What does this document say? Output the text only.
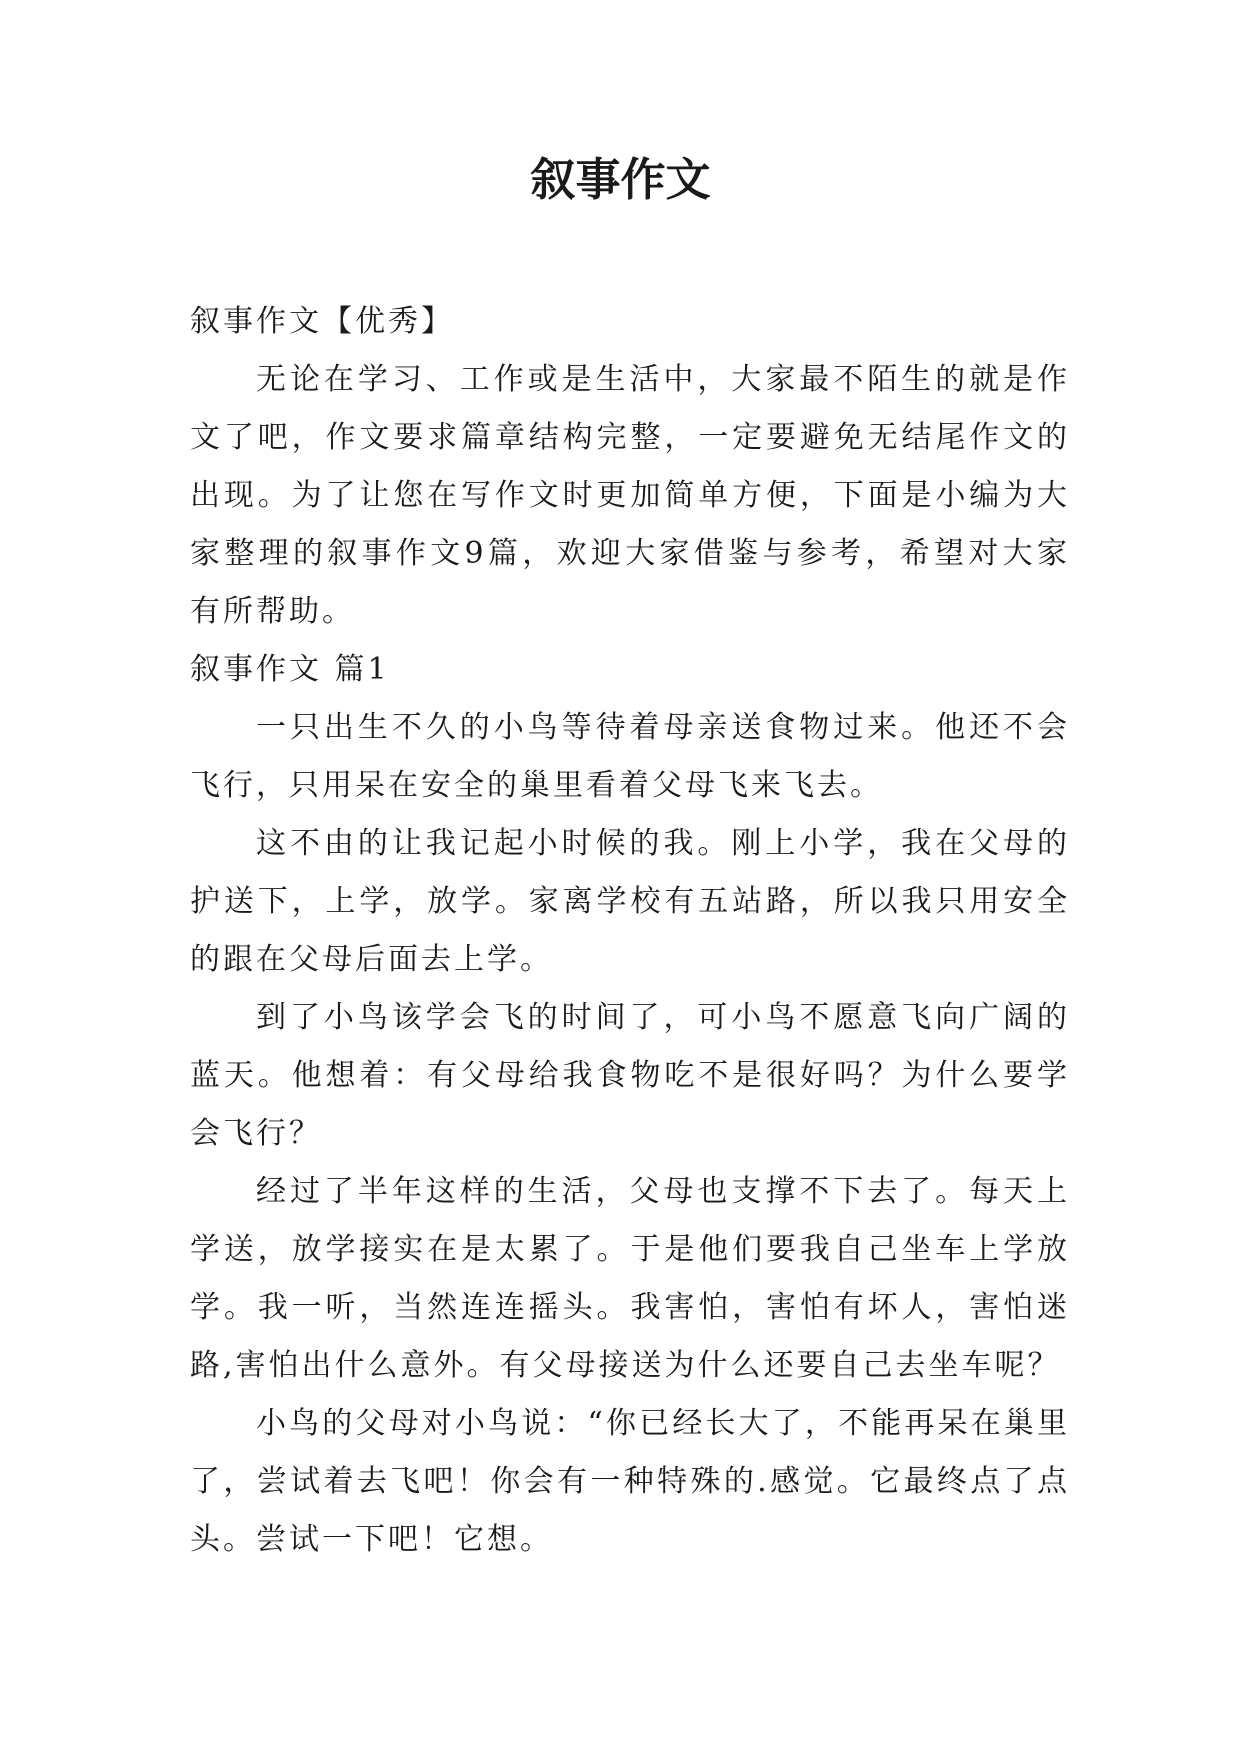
叙事作文

叙事作文【优秀】

无论在学习、工作或是生活中，大家最不陌生的就是作文了吧，作文要求篇章结构完整，一定要避免无结尾作文的出现。为了让您在写作文时更加简单方便，下面是小编为大家整理的叙事作文9篇，欢迎大家借鉴与参考，希望对大家有所帮助。

叙事作文 篇1

一只出生不久的小鸟等待着母亲送食物过来。他还不会飞行，只用呆在安全的巢里看着父母飞来飞去。

这不由的让我记起小时候的我。刚上小学，我在父母的护送下，上学，放学。家离学校有五站路，所以我只用安全的跟在父母后面去上学。

到了小鸟该学会飞的时间了，可小鸟不愿意飞向广阔的蓝天。他想着：有父母给我食物吃不是很好吗？为什么要学会飞行？

经过了半年这样的生活，父母也支撑不下去了。每天上学送，放学接实在是太累了。于是他们要我自己坐车上学放学。我一听，当然连连摇头。我害怕，害怕有坏人，害怕迷路,害怕出什么意外。有父母接送为什么还要自己去坐车呢？

小鸟的父母对小鸟说：“你已经长大了，不能再呆在巢里了，尝试着去飞吧！你会有一种特殊的.感觉。它最终点了点头。尝试一下吧！它想。
